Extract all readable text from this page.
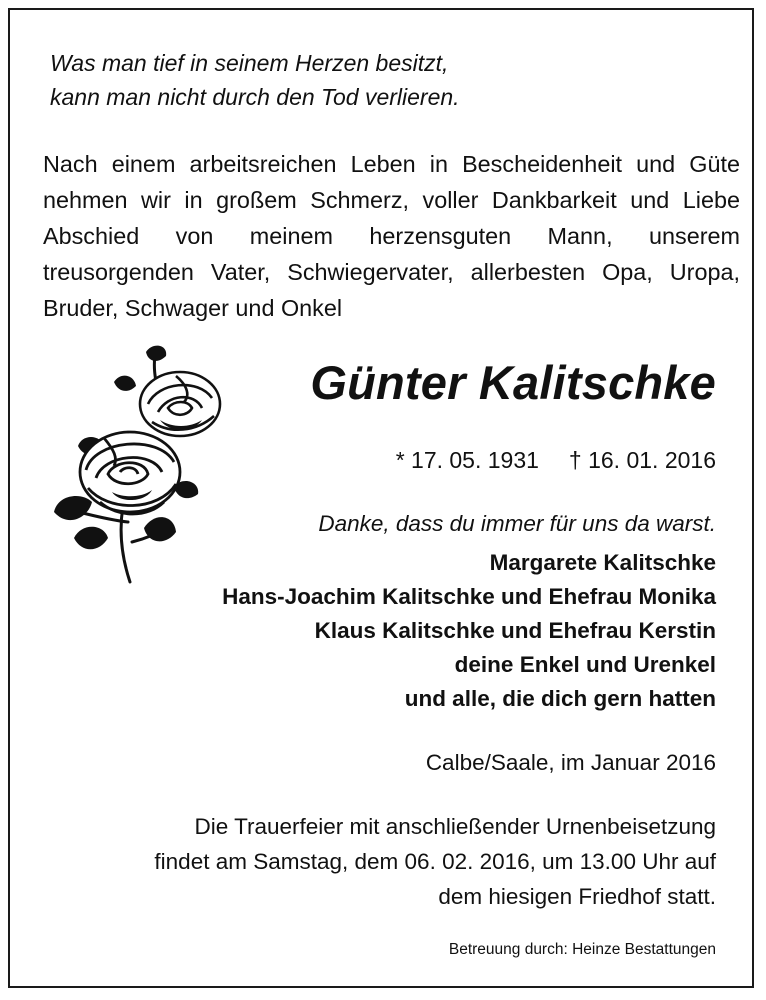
Was man tief in seinem Herzen besitzt,
kann man nicht durch den Tod verlieren.
Nach einem arbeitsreichen Leben in Bescheidenheit und Güte nehmen wir in großem Schmerz, voller Dankbarkeit und Liebe Abschied von meinem herzensguten Mann, unserem treusorgenden Vater, Schwiegervater, allerbesten Opa, Uropa, Bruder, Schwager und Onkel
Günter Kalitschke
* 17. 05. 1931 † 16. 01. 2016
Danke, dass du immer für uns da warst.
Margarete Kalitschke
Hans-Joachim Kalitschke und Ehefrau Monika
Klaus Kalitschke und Ehefrau Kerstin
deine Enkel und Urenkel
und alle, die dich gern hatten
Calbe/Saale, im Januar 2016
Die Trauerfeier mit anschließender Urnenbeisetzung
findet am Samstag, dem 06. 02. 2016, um 13.00 Uhr auf
dem hiesigen Friedhof statt.
Betreuung durch: Heinze Bestattungen
